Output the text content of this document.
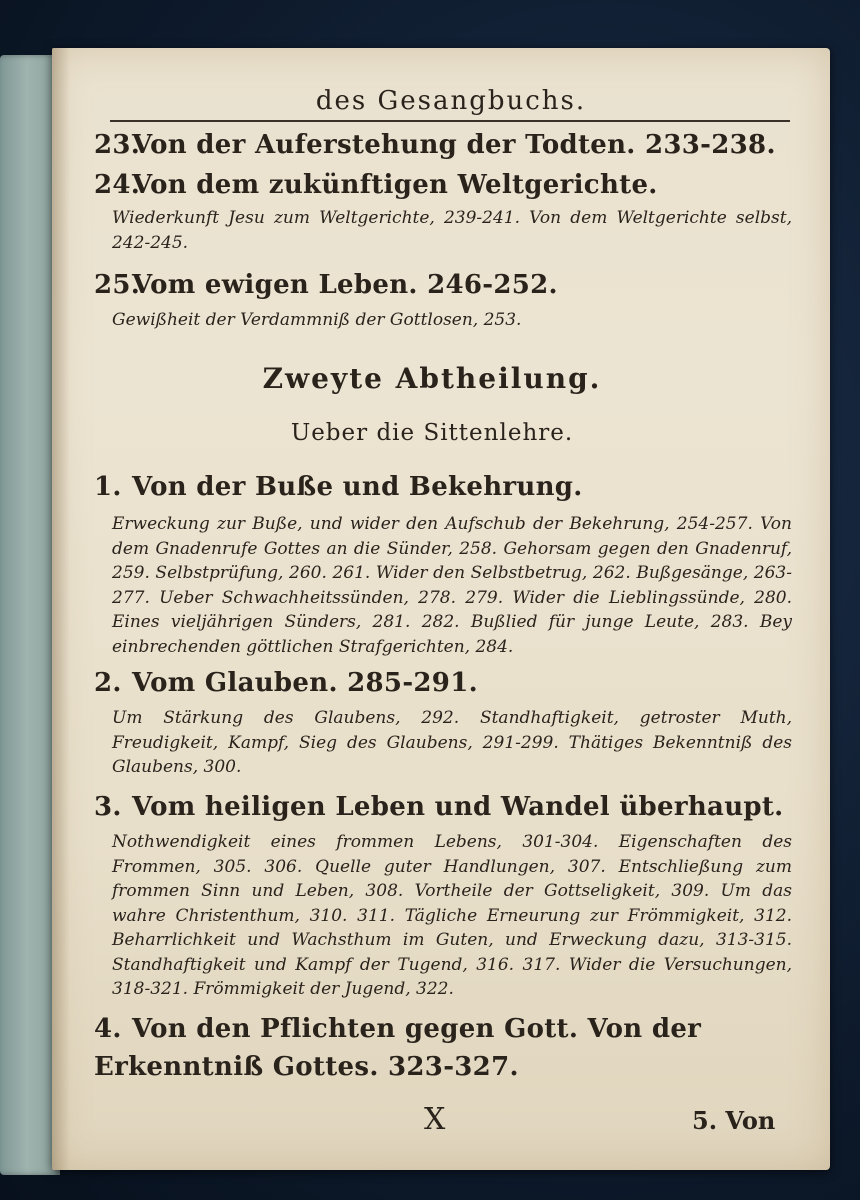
des Gesangbuchs.
23.Von der Auferstehung der Todten. 233-238.
24.Von dem zukünftigen Weltgerichte.
Wiederkunft Jesu zum Weltgerichte, 239-241. Von dem Weltgerichte selbst, 242-245.
25.Vom ewigen Leben. 246-252.
Gewißheit der Verdammniß der Gottlosen, 253.
Zweyte Abtheilung.
Ueber die Sittenlehre.
1. Von der Buße und Bekehrung.
Erweckung zur Buße, und wider den Aufschub der Bekehrung, 254-257. Von dem Gnadenrufe Gottes an die Sünder, 258. Gehorsam gegen den Gnadenruf, 259. Selbstprüfung, 260. 261. Wider den Selbstbetrug, 262. Bußgesänge, 263-277. Ueber Schwachheitssünden, 278. 279. Wider die Lieblingssünde, 280. Eines vieljährigen Sünders, 281. 282. Bußlied für junge Leute, 283. Bey einbrechenden göttlichen Strafgerichten, 284.
2. Vom Glauben. 285-291.
Um Stärkung des Glaubens, 292. Standhaftigkeit, getroster Muth, Freudigkeit, Kampf, Sieg des Glaubens, 291-299. Thätiges Bekenntniß des Glaubens, 300.
3. Vom heiligen Leben und Wandel überhaupt.
Nothwendigkeit eines frommen Lebens, 301-304. Eigenschaften des Frommen, 305. 306. Quelle guter Handlungen, 307. Entschließung zum frommen Sinn und Leben, 308. Vortheile der Gottseligkeit, 309. Um das wahre Christenthum, 310. 311. Tägliche Erneurung zur Frömmigkeit, 312. Beharrlichkeit und Wachsthum im Guten, und Erweckung dazu, 313-315. Standhaftigkeit und Kampf der Tugend, 316. 317. Wider die Versuchungen, 318-321. Frömmigkeit der Jugend, 322.
4. Von den Pflichten gegen Gott. Von der Erkenntniß Gottes. 323-327.
X	5. Von
